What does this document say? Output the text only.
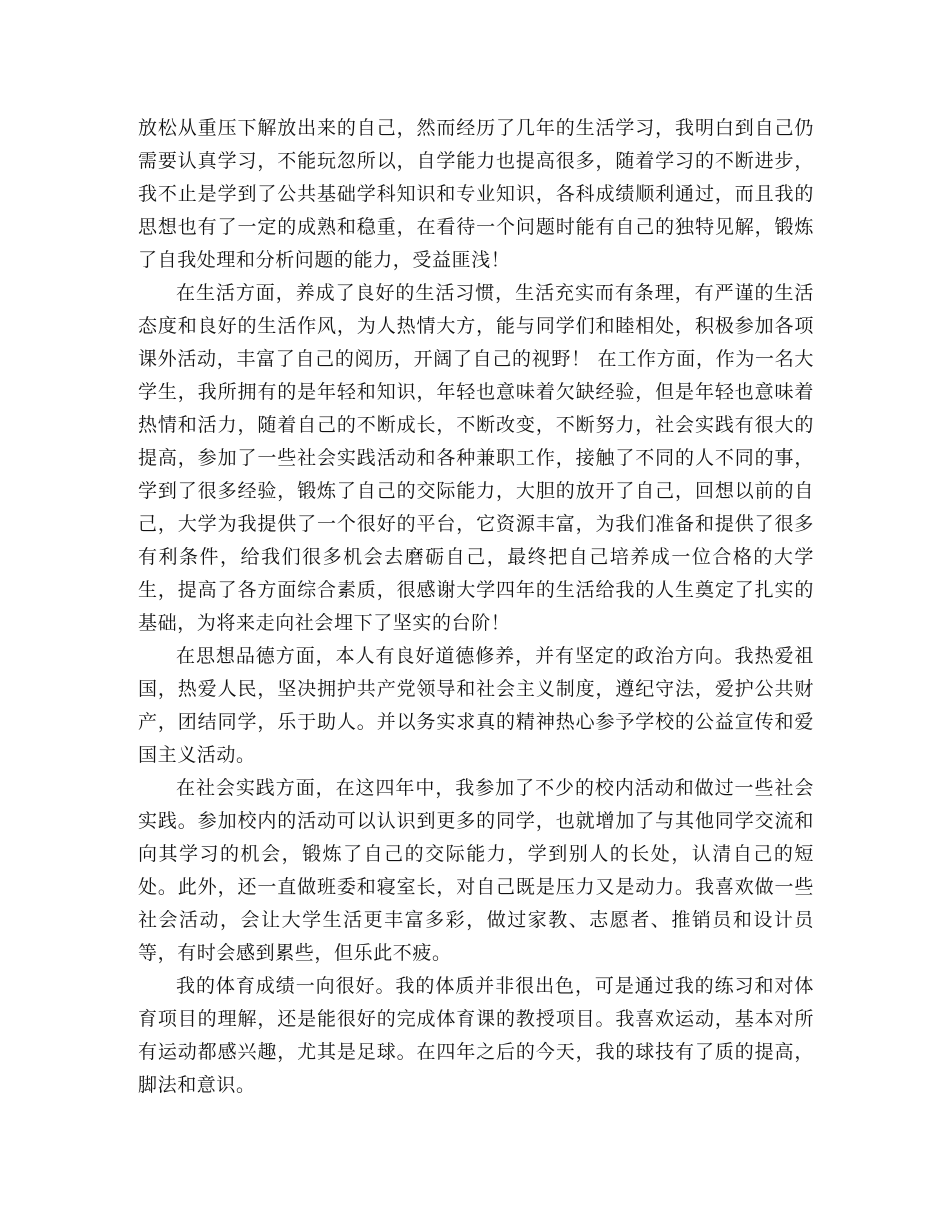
放松从重压下解放出来的自己，然而经历了几年的生活学习，我明白到自己仍需要认真学习，不能玩忽所以，自学能力也提高很多，随着学习的不断进步，我不止是学到了公共基础学科知识和专业知识，各科成绩顺利通过，而且我的思想也有了一定的成熟和稳重，在看待一个问题时能有自己的独特见解，锻炼了自我处理和分析问题的能力，受益匪浅！

在生活方面，养成了良好的生活习惯，生活充实而有条理，有严谨的生活态度和良好的生活作风，为人热情大方，能与同学们和睦相处，积极参加各项课外活动，丰富了自己的阅历，开阔了自己的视野！ 在工作方面，作为一名大学生，我所拥有的是年轻和知识，年轻也意味着欠缺经验，但是年轻也意味着热情和活力，随着自己的不断成长，不断改变，不断努力，社会实践有很大的提高，参加了一些社会实践活动和各种兼职工作，接触了不同的人不同的事，学到了很多经验，锻炼了自己的交际能力，大胆的放开了自己，回想以前的自己，大学为我提供了一个很好的平台，它资源丰富，为我们准备和提供了很多有利条件，给我们很多机会去磨砺自己，最终把自己培养成一位合格的大学生，提高了各方面综合素质，很感谢大学四年的生活给我的人生奠定了扎实的基础，为将来走向社会埋下了坚实的台阶！

在思想品德方面，本人有良好道德修养，并有坚定的政治方向。我热爱祖国，热爱人民，坚决拥护共产党领导和社会主义制度，遵纪守法，爱护公共财产，团结同学，乐于助人。并以务实求真的精神热心参予学校的公益宣传和爱国主义活动。

在社会实践方面，在这四年中，我参加了不少的校内活动和做过一些社会实践。参加校内的活动可以认识到更多的同学，也就增加了与其他同学交流和向其学习的机会，锻炼了自己的交际能力，学到别人的长处，认清自己的短处。此外，还一直做班委和寝室长，对自己既是压力又是动力。我喜欢做一些社会活动，会让大学生活更丰富多彩，做过家教、志愿者、推销员和设计员等，有时会感到累些，但乐此不疲。

我的体育成绩一向很好。我的体质并非很出色，可是通过我的练习和对体育项目的理解，还是能很好的完成体育课的教授项目。我喜欢运动，基本对所有运动都感兴趣，尤其是足球。在四年之后的今天，我的球技有了质的提高，脚法和意识。
